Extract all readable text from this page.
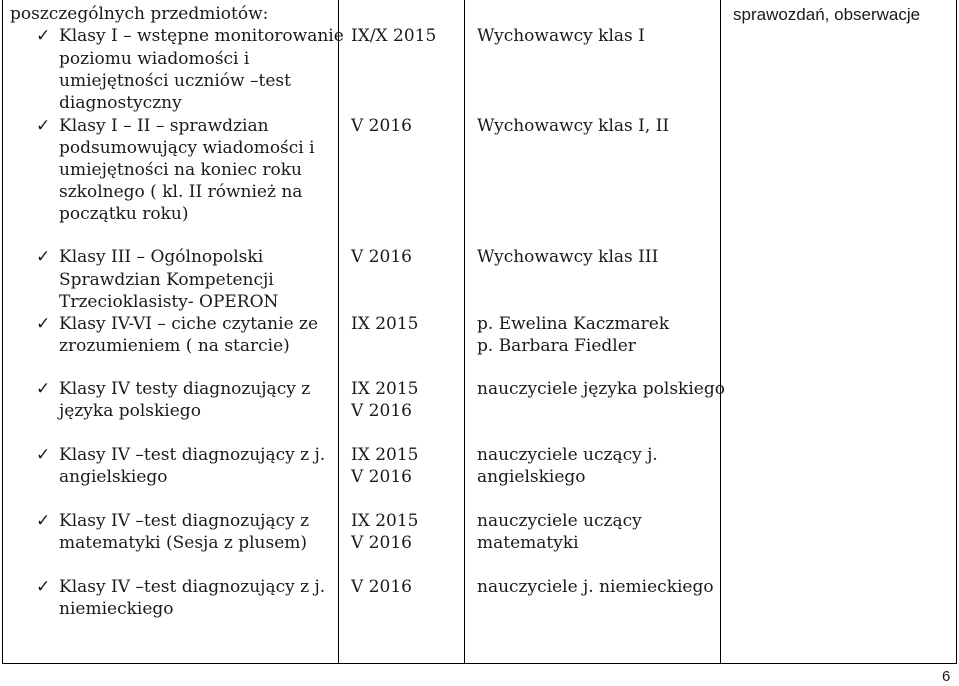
poszczególnych przedmiotów:
✓ Klasy I – wstępne monitorowanie
poziomu wiadomości i
umiejętności uczniów –test
diagnostyczny
✓ Klasy I – II – sprawdzian
podsumowujący wiadomości i
umiejętności na koniec roku
szkolnego ( kl. II również na
początku roku)
✓ Klasy III – Ogólnopolski
Sprawdzian Kompetencji
Trzecioklasisty- OPERON
✓ Klasy IV-VI – ciche czytanie ze
zrozumieniem ( na starcie)
✓ Klasy IV testy diagnozujący z
języka polskiego
✓ Klasy IV –test diagnozujący z j.
angielskiego
✓ Klasy IV –test diagnozujący z
matematyki (Sesja z plusem)
✓ Klasy IV –test diagnozujący z j.
niemieckiego
IX/X 2015
V 2016
V 2016
IX 2015
IX 2015
V 2016
IX 2015
V 2016
IX 2015
V 2016
V 2016
Wychowawcy klas I
Wychowawcy klas I, II
Wychowawcy klas III
p. Ewelina Kaczmarek
p. Barbara Fiedler
nauczyciele języka polskiego
nauczyciele uczący j.
angielskiego
nauczyciele uczący
matematyki
nauczyciele j. niemieckiego
sprawozdań, obserwacje
6
